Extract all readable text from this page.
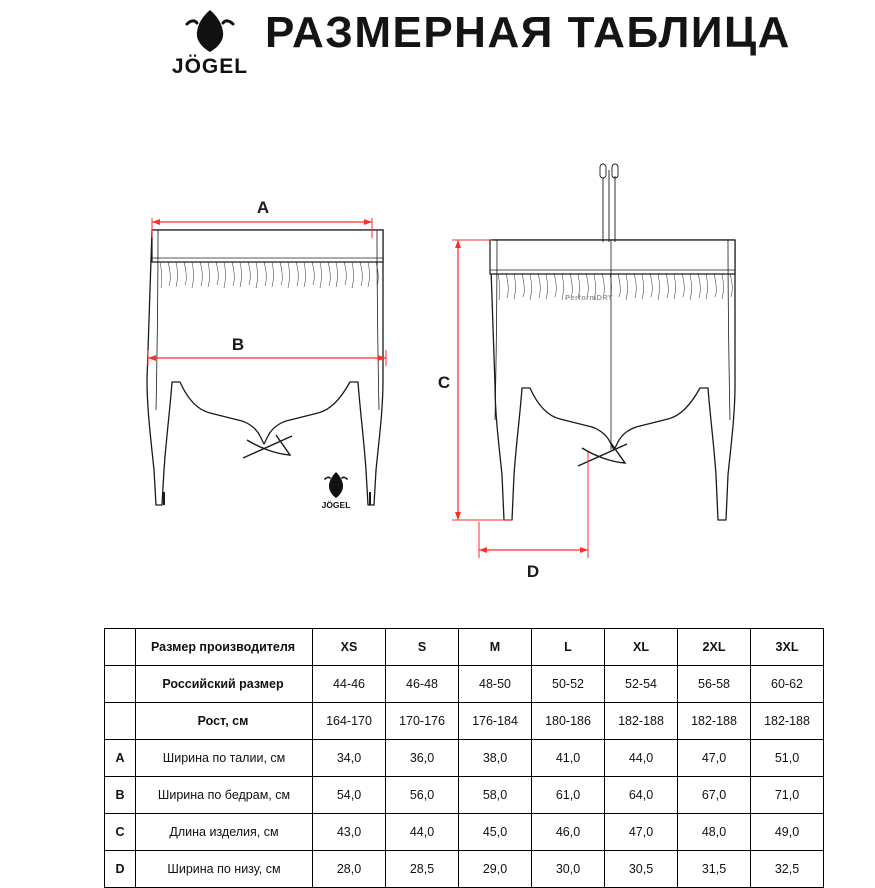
JÖGEL
РАЗМЕРНАЯ ТАБЛИЦА
JÖGEL
A
B
PerformDRY
C
D
	Размер производителя	XS	S	M	L	XL	2XL	3XL
	Российский размер	44-46	46-48	48-50	50-52	52-54	56-58	60-62
	Рост, см	164-170	170-176	176-184	180-186	182-188	182-188	182-188
A	Ширина по талии, см	34,0	36,0	38,0	41,0	44,0	47,0	51,0
B	Ширина по бедрам, см	54,0	56,0	58,0	61,0	64,0	67,0	71,0
C	Длина изделия, см	43,0	44,0	45,0	46,0	47,0	48,0	49,0
D	Ширина по низу, см	28,0	28,5	29,0	30,0	30,5	31,5	32,5
